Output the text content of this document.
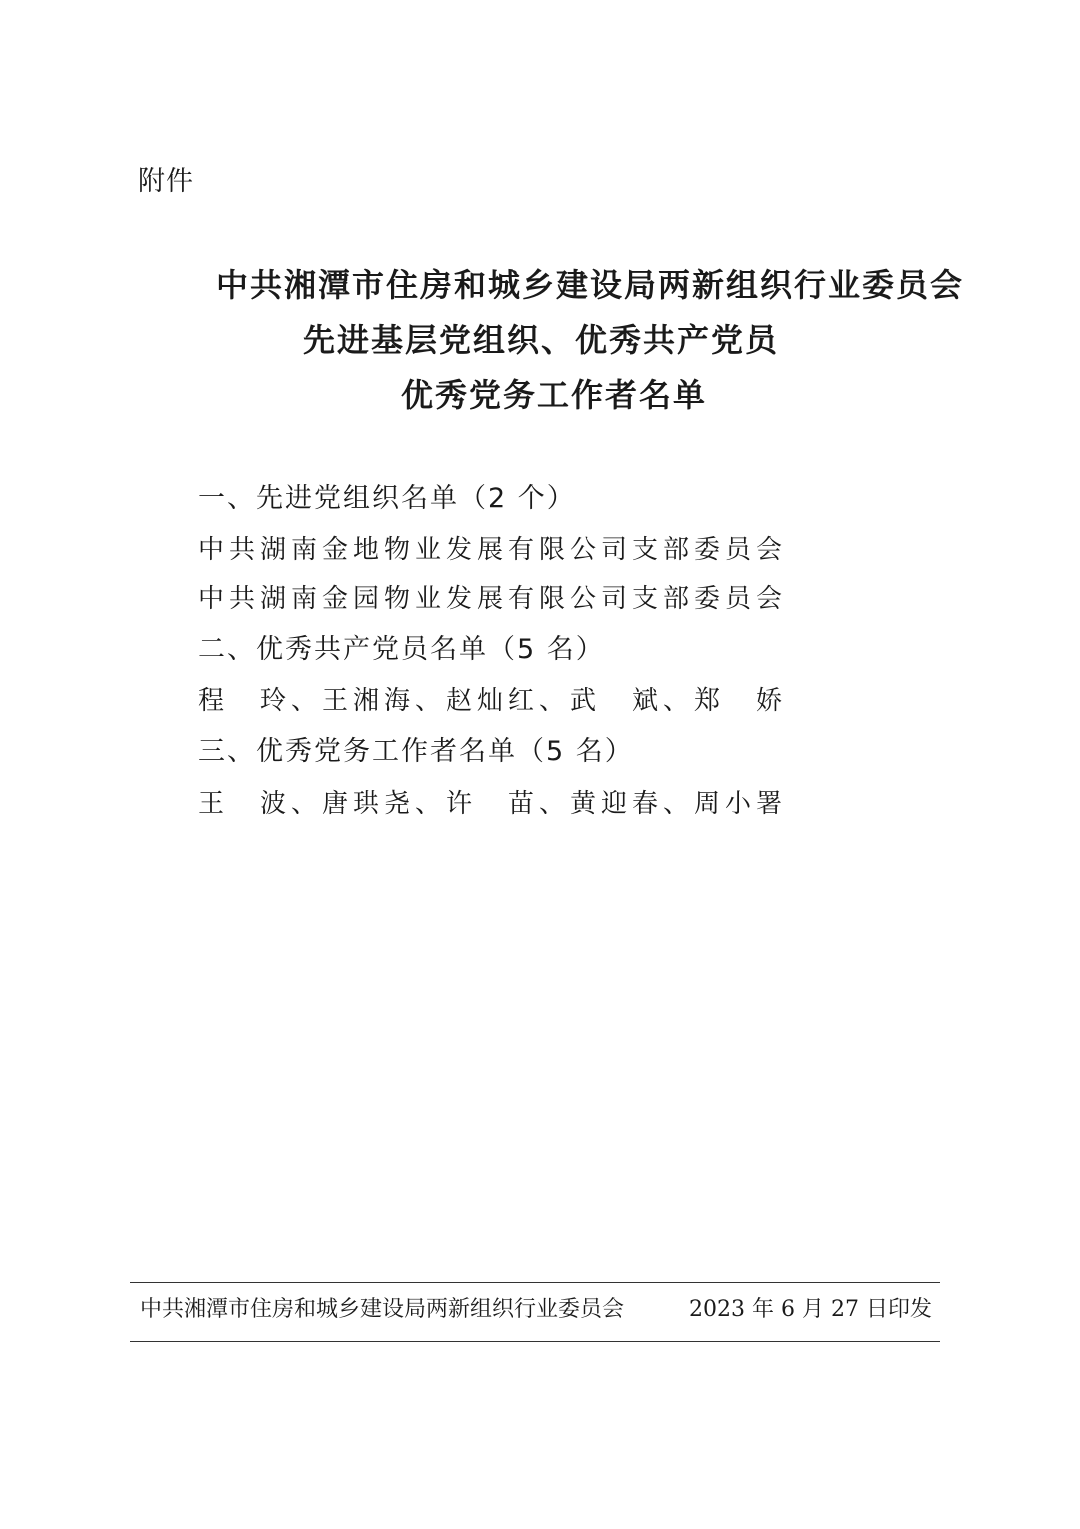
附件
中共湘潭市住房和城乡建设局两新组织行业委员会
先进基层党组织、优秀共产党员
优秀党务工作者名单
一、先进党组织名单（2 个）
中共湖南金地物业发展有限公司支部委员会
中共湖南金园物业发展有限公司支部委员会
二、优秀共产党员名单（5 名）
程　玲、王湘海、赵灿红、武　斌、郑　娇
三、优秀党务工作者名单（5 名）
王　波、唐珙尧、许　苗、黄迎春、周小署
中共湘潭市住房和城乡建设局两新组织行业委员会	2023 年 6 月 27 日印发
